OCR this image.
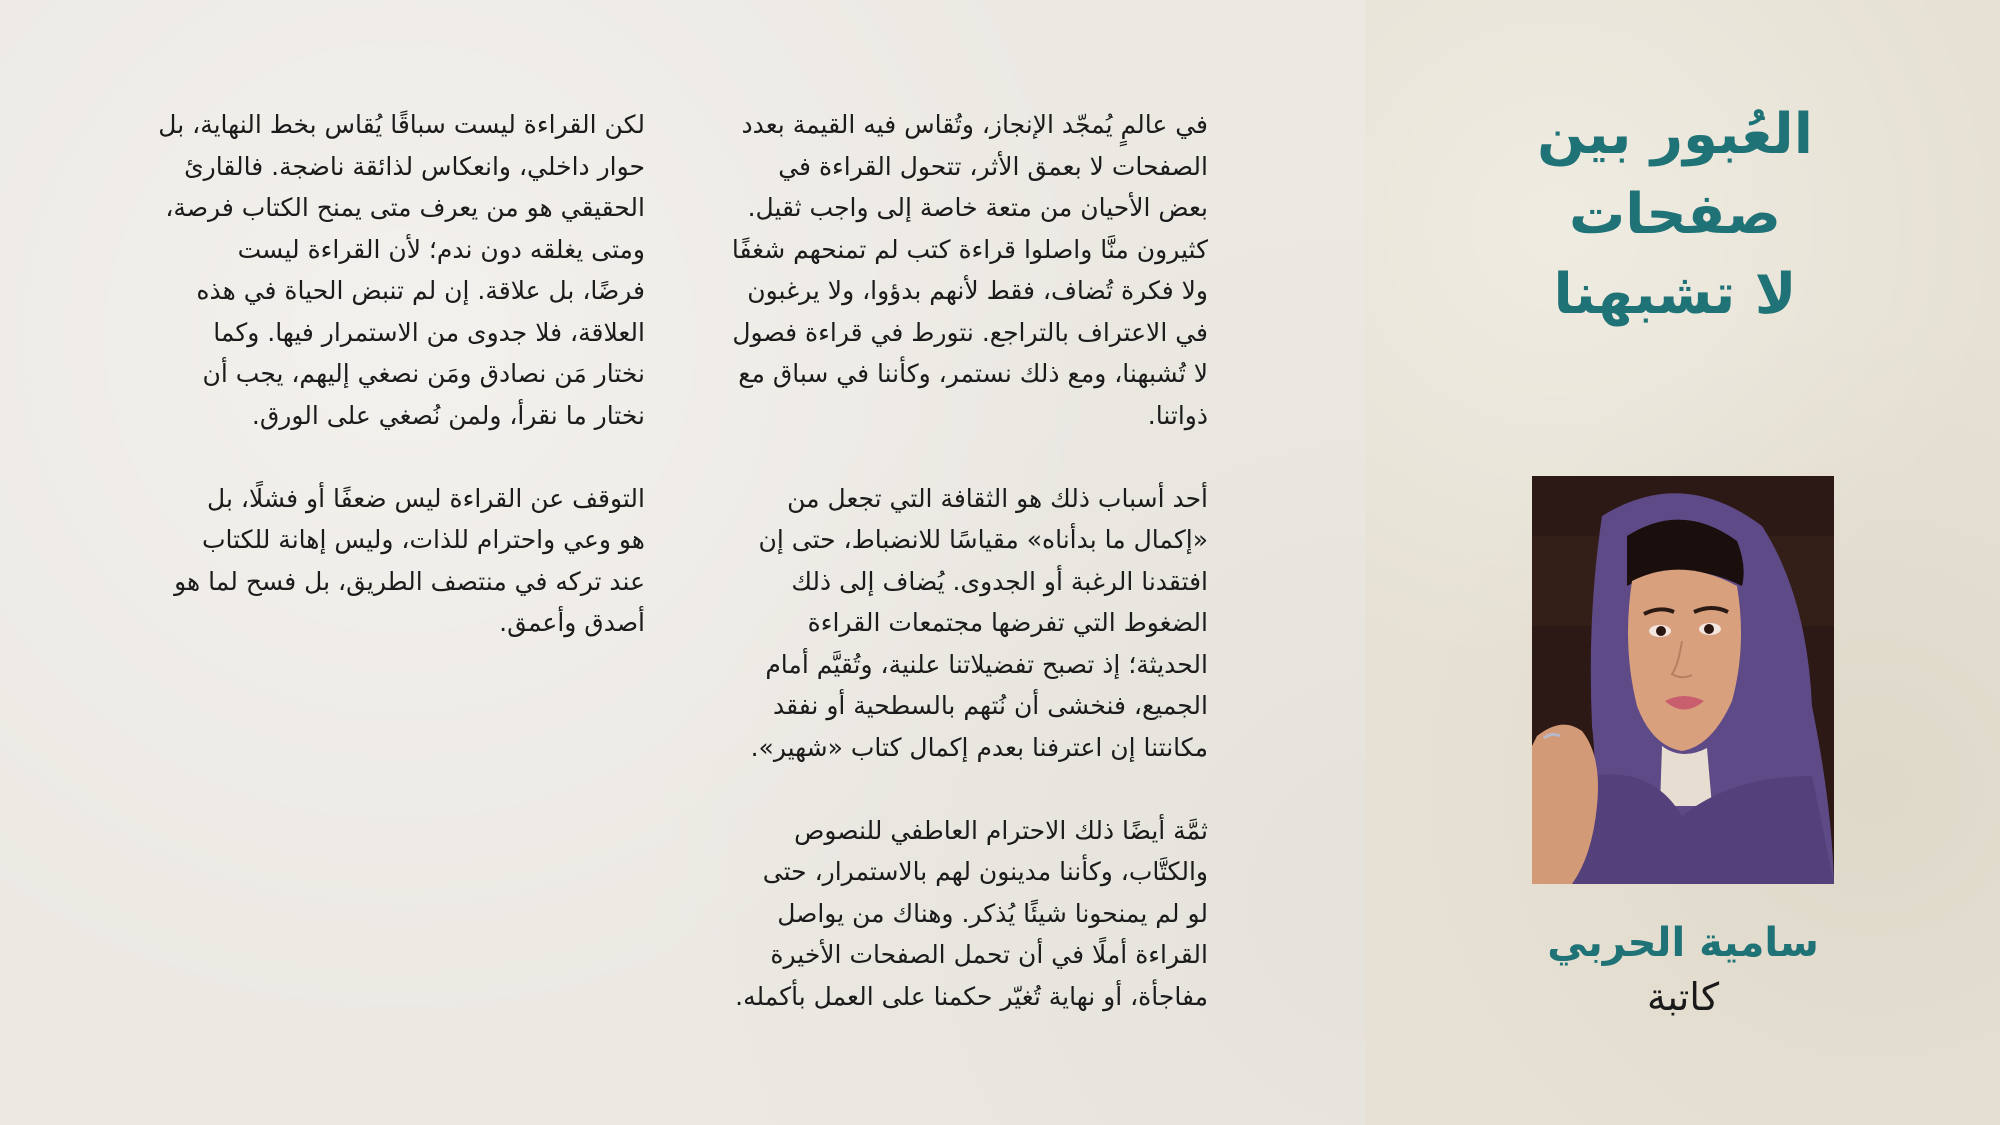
العُبور بين صفحات
لا تشبهنا
سامية الحربي
كاتبة

في عالمٍ يُمجّد الإنجاز، وتُقاس فيه القيمة بعدد
الصفحات لا بعمق الأثر، تتحول القراءة في
بعض الأحيان من متعة خاصة إلى واجب ثقيل.
كثيرون منَّا واصلوا قراءة كتب لم تمنحهم شغفًا
ولا فكرة تُضاف، فقط لأنهم بدؤوا، ولا يرغبون
في الاعتراف بالتراجع. نتورط في قراءة فصول
لا تُشبهنا، ومع ذلك نستمر، وكأننا في سباق مع
ذواتنا.

أحد أسباب ذلك هو الثقافة التي تجعل من
«إكمال ما بدأناه» مقياسًا للانضباط، حتى إن
افتقدنا الرغبة أو الجدوى. يُضاف إلى ذلك
الضغوط التي تفرضها مجتمعات القراءة
الحديثة؛ إذ تصبح تفضيلاتنا علنية، وتُقيَّم أمام
الجميع، فنخشى أن نُتهم بالسطحية أو نفقد
مكانتنا إن اعترفنا بعدم إكمال كتاب «شهير».

ثمَّة أيضًا ذلك الاحترام العاطفي للنصوص
والكتَّاب، وكأننا مدينون لهم بالاستمرار، حتى
لو لم يمنحونا شيئًا يُذكر. وهناك من يواصل
القراءة أملًا في أن تحمل الصفحات الأخيرة
مفاجأة، أو نهاية تُغيّر حكمنا على العمل بأكمله.

لكن القراءة ليست سباقًا يُقاس بخط النهاية، بل
حوار داخلي، وانعكاس لذائقة ناضجة. فالقارئ
الحقيقي هو من يعرف متى يمنح الكتاب فرصة،
ومتى يغلقه دون ندم؛ لأن القراءة ليست
فرضًا، بل علاقة. إن لم تنبض الحياة في هذه
العلاقة، فلا جدوى من الاستمرار فيها. وكما
نختار مَن نصادق ومَن نصغي إليهم، يجب أن
نختار ما نقرأ، ولمن نُصغي على الورق.

التوقف عن القراءة ليس ضعفًا أو فشلًا، بل
هو وعي واحترام للذات، وليس إهانة للكتاب
عند تركه في منتصف الطريق، بل فسح لما هو
أصدق وأعمق.
